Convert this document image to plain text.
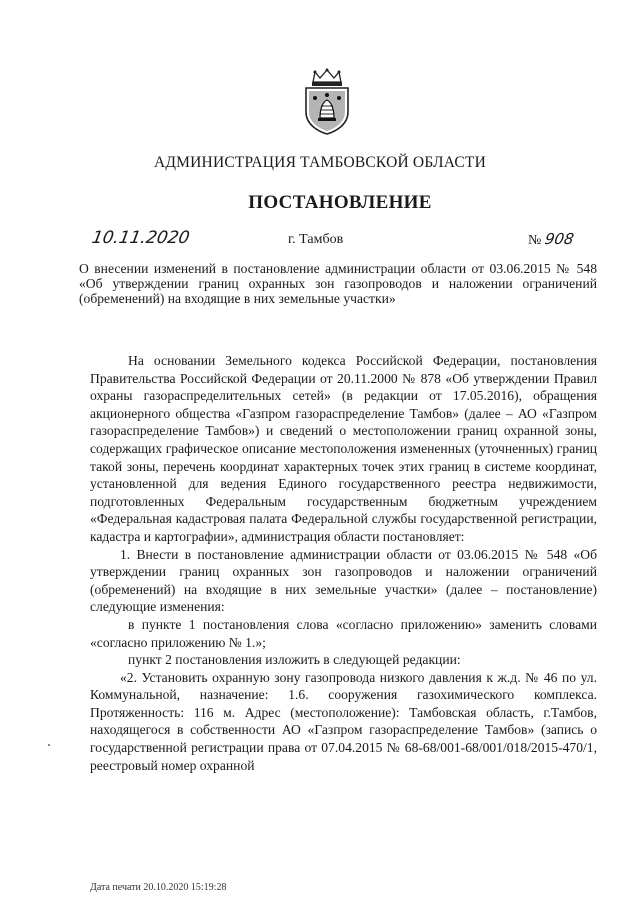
АДМИНИСТРАЦИЯ ТАМБОВСКОЙ ОБЛАСТИ
ПОСТАНОВЛЕНИЕ
10.11.2020	г. Тамбов	№ 908
О внесении изменений в постановление администрации области от 03.06.2015 № 548 «Об утверждении границ охранных зон газопроводов и наложении ограничений (обременений) на входящие в них земельные участки»

На основании Земельного кодекса Российской Федерации, постановления Правительства Российской Федерации от 20.11.2000 № 878 «Об утверждении Правил охраны газораспределительных сетей» (в редакции от 17.05.2016), обращения акционерного общества «Газпром газораспределение Тамбов» (далее – АО «Газпром газораспределение Тамбов») и сведений о местоположении границ охранной зоны, содержащих графическое описание местоположения измененных (уточненных) границ такой зоны, перечень координат характерных точек этих границ в системе координат, установленной для ведения Единого государственного реестра недвижимости, подготовленных Федеральным государственным бюджетным учреждением «Федеральная кадастровая палата Федеральной службы государственной регистрации, кадастра и картографии», администрация области постановляет:

1. Внести в постановление администрации области от 03.06.2015 № 548 «Об утверждении границ охранных зон газопроводов и наложении ограничений (обременений) на входящие в них земельные участки» (далее – постановление) следующие изменения:

в пункте 1 постановления слова «согласно приложению» заменить словами «согласно приложению № 1.»;

пункт 2 постановления изложить в следующей редакции:

«2. Установить охранную зону газопровода низкого давления к ж.д. № 46 по ул. Коммунальной, назначение: 1.6. сооружения газохимического комплекса. Протяженность: 116 м. Адрес (местоположение): Тамбовская область, г.Тамбов, находящегося в собственности АО «Газпром газораспределение Тамбов» (запись о государственной регистрации права от 07.04.2015 № 68-68/001-68/001/018/2015-470/1, реестровый номер охранной

Дата печати 20.10.2020 15:19:28
